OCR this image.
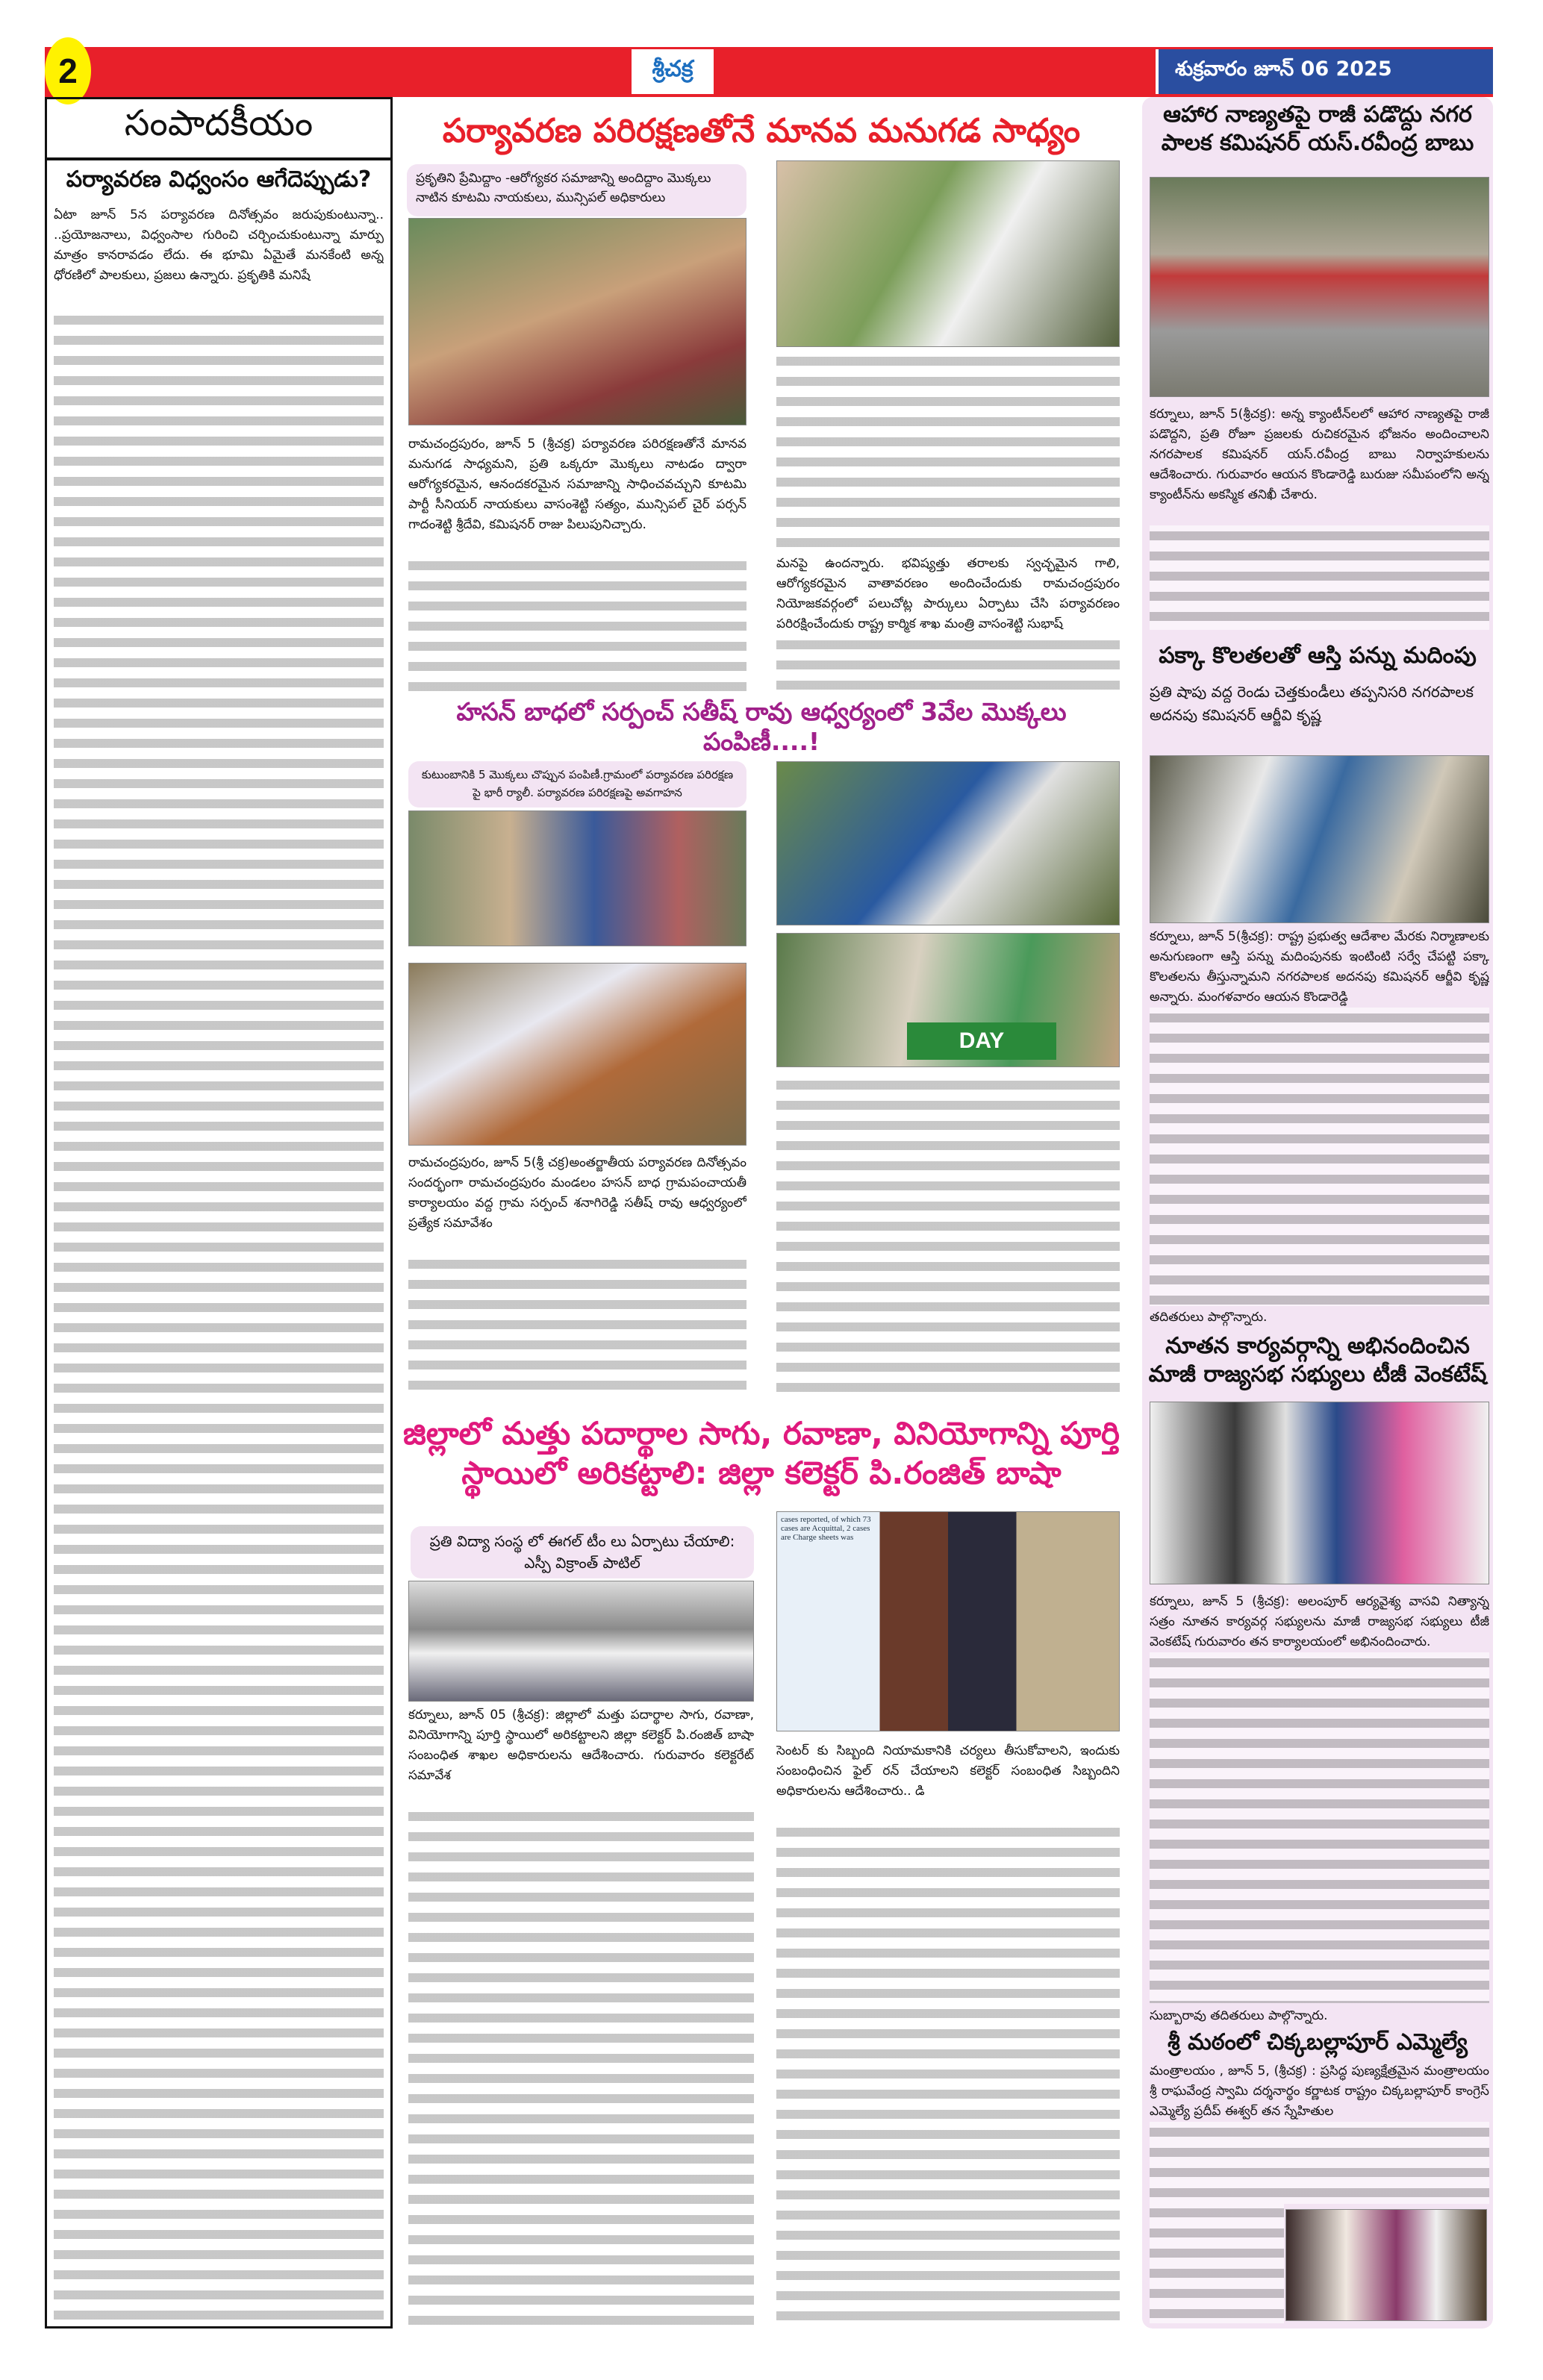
2	శ్రీచక్ర	శుక్రవారం జూన్ 06 2025
సంపాదకీయం
పర్యావరణ విధ్వంసం ఆగేదెప్పుడు?
ఏటా జూన్ 5న పర్యావరణ దినోత్సవం జరుపుకుంటున్నా.. ..ప్రయోజనాలు, విధ్వంసాల గురించి చర్చించుకుంటున్నా మార్పు మాత్రం కానరావడం లేదు. ఈ భూమి ఏమైతే మనకేంటి అన్న ధోరణిలో పాలకులు, ప్రజలు ఉన్నారు. ప్రకృతికి మనిషే
పర్యావరణ పరిరక్షణతోనే మానవ మనుగడ సాధ్యం
ప్రకృతిని ప్రేమిద్దాం -ఆరోగ్యకర సమాజాన్ని అందిద్దాం మొక్కలు నాటిన కూటమి నాయకులు, మున్సిపల్ అధికారులు
రామచంద్రపురం, జూన్ 5 (శ్రీచక్ర) పర్యావరణ పరిరక్షణతోనే మానవ మనుగడ సాధ్యమని, ప్రతి ఒక్కరూ మొక్కలు నాటడం ద్వారా ఆరోగ్యకరమైన, ఆనందకరమైన సమాజాన్ని సాధించవచ్చుని కూటమి పార్టీ సీనియర్ నాయకులు వాసంశెట్టి సత్యం, మున్సిపల్ చైర్ పర్సన్ గాదంశెట్టి శ్రీదేవి, కమిషనర్ రాజు పిలుపునిచ్చారు.
మనపై ఉందన్నారు. భవిష్యత్తు తరాలకు స్వచ్ఛమైన గాలి, ఆరోగ్యకరమైన వాతావరణం అందించేందుకు రామచంద్రపురం నియోజకవర్గంలో పలుచోట్ల పార్కులు ఏర్పాటు చేసి పర్యావరణం పరిరక్షించేందుకు రాష్ట్ర కార్మిక శాఖ మంత్రి వాసంశెట్టి సుభాష్
హసన్ బాధలో సర్పంచ్ సతీష్ రావు ఆధ్వర్యంలో 3వేల మొక్కలు పంపిణీ....!
కుటుంబానికి 5 మొక్కలు చొప్పున పంపిణీ.గ్రామంలో పర్యావరణ పరిరక్షణ పై భారీ ర్యాలీ. పర్యావరణ పరిరక్షణపై అవగాహన
DAY
రామచంద్రపురం, జూన్ 5(శ్రీ చక్ర)అంతర్జాతీయ పర్యావరణ దినోత్సవం సందర్భంగా రామచంద్రపురం మండలం హసన్ బాధ గ్రామపంచాయతీ కార్యాలయం వద్ద గ్రామ సర్పంచ్ శనాగిరెడ్డి సతీష్ రావు ఆధ్వర్యంలో ప్రత్యేక సమావేశం
జిల్లాలో మత్తు పదార్థాల సాగు, రవాణా, వినియోగాన్ని పూర్తి స్థాయిలో అరికట్టాలి: జిల్లా కలెక్టర్ పి.రంజిత్ బాషా
ప్రతి విద్యా సంస్థ లో ఈగల్ టీం లు ఏర్పాటు చేయాలి: ఎస్పీ విక్రాంత్ పాటిల్
cases reported, of which 73 cases are Acquittal, 2 cases are Charge sheets was
కర్నూలు, జూన్ 05 (శ్రీచక్ర): జిల్లాలో మత్తు పదార్థాల సాగు, రవాణా, వినియోగాన్ని పూర్తి స్థాయిలో అరికట్టాలని జిల్లా కలెక్టర్ పి.రంజిత్ బాషా సంబంధిత శాఖల అధికారులను ఆదేశించారు. గురువారం కలెక్టరేట్ సమావేశ
సెంటర్ కు సిబ్బంది నియామకానికి చర్యలు తీసుకోవాలని, ఇందుకు సంబంధించిన ఫైల్ రన్ చేయాలని కలెక్టర్ సంబంధిత సిబ్బందిని అధికారులను ఆదేశించారు.. డి
ఆహార నాణ్యతపై రాజీ పడొద్దు నగర పాలక కమిషనర్ యస్.రవీంద్ర బాబు
కర్నూలు, జూన్ 5(శ్రీచక్ర): అన్న క్యాంటీన్‌లలో ఆహార నాణ్యతపై రాజీ పడొద్దని, ప్రతి రోజూ ప్రజలకు రుచికరమైన భోజనం అందించాలని నగరపాలక కమిషనర్ యస్.రవీంద్ర బాబు నిర్వాహకులను ఆదేశించారు. గురువారం ఆయన కొండారెడ్డి బురుజు సమీపంలోని అన్న క్యాంటీన్‌ను అకస్మిక తనిఖీ చేశారు.
పక్కా కొలతలతో ఆస్తి పన్ను మదింపు
ప్రతి షాపు వద్ద రెండు చెత్తకుండీలు తప్పనిసరి నగరపాలక అదనపు కమిషనర్ ఆర్జీవి కృష్ణ
కర్నూలు, జూన్ 5(శ్రీచక్ర): రాష్ట్ర ప్రభుత్వ ఆదేశాల మేరకు నిర్మాణాలకు అనుగుణంగా ఆస్తి పన్ను మదింపునకు ఇంటింటి సర్వే చేపట్టి పక్కా కొలతలను తీస్తున్నామని నగరపాలక అదనపు కమిషనర్ ఆర్జీవి కృష్ణ అన్నారు. మంగళవారం ఆయన కొండారెడ్డి
తదితరులు పాల్గొన్నారు.
నూతన కార్యవర్గాన్ని అభినందించిన మాజీ రాజ్యసభ సభ్యులు టీజీ వెంకటేష్
కర్నూలు, జూన్ 5 (శ్రీచక్ర): అలంపూర్ ఆర్యవైశ్య వాసవి నిత్యాన్న సత్రం నూతన కార్యవర్గ సభ్యులను మాజీ రాజ్యసభ సభ్యులు టీజీ వెంకటేష్ గురువారం తన కార్యాలయంలో అభినందించారు.
సుబ్బారావు తదితరులు పాల్గొన్నారు.
శ్రీ మఠంలో చిక్కబల్లాపూర్ ఎమ్మెల్యే
మంత్రాలయం , జూన్ 5, (శ్రీచక్ర) : ప్రసిద్ధ పుణ్యక్షేత్రమైన మంత్రాలయం శ్రీ రాఘవేంద్ర స్వామి దర్శనార్థం కర్ణాటక రాష్ట్రం చిక్కబల్లాపూర్ కాంగ్రెస్ ఎమ్మెల్యే ప్రదీప్ ఈశ్వర్ తన స్నేహితుల
